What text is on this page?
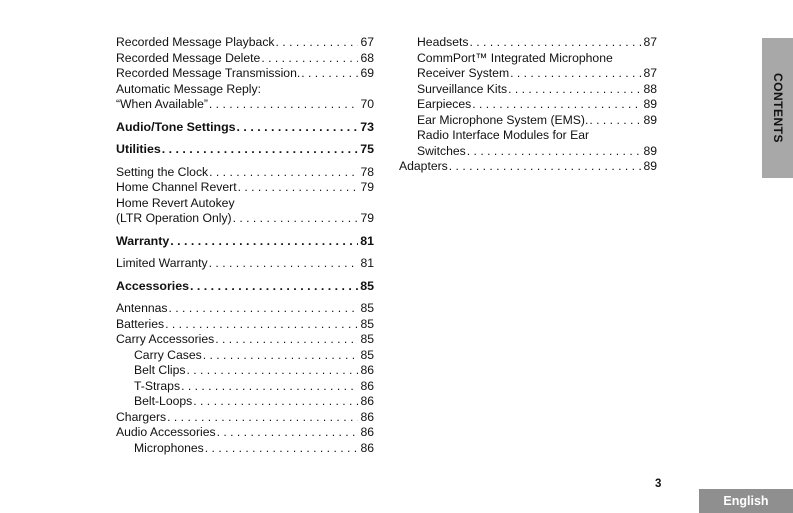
Recorded Message Playback . . .	67
Recorded Message Delete . . .	68
Recorded Message Transmission. . . .	69
Automatic Message Reply:
“When Available” . . .	70
Audio/Tone Settings . . .	73
Utilities . . .	75
Setting the Clock . . .	78
Home Channel Revert . . .	79
Home Revert Autokey
(LTR Operation Only) . . .	79
Warranty . . .	81
Limited Warranty . . .	81
Accessories . . .	85
Antennas . . .	85
Batteries . . .	85
Carry Accessories . . .	85
Carry Cases . . .	85
Belt Clips . . .	86
T-Straps . . .	86
Belt-Loops . . .	86
Chargers . . .	86
Audio Accessories . . .	86
Microphones . . .	86
Headsets . . .	87
CommPort™ Integrated Microphone
Receiver System . . .	87
Surveillance Kits . . .	88
Earpieces . . .	89
Ear Microphone System (EMS). . . .	89
Radio Interface Modules for Ear
Switches . . .	89
Adapters . . .	89
CONTENTS
3
English
